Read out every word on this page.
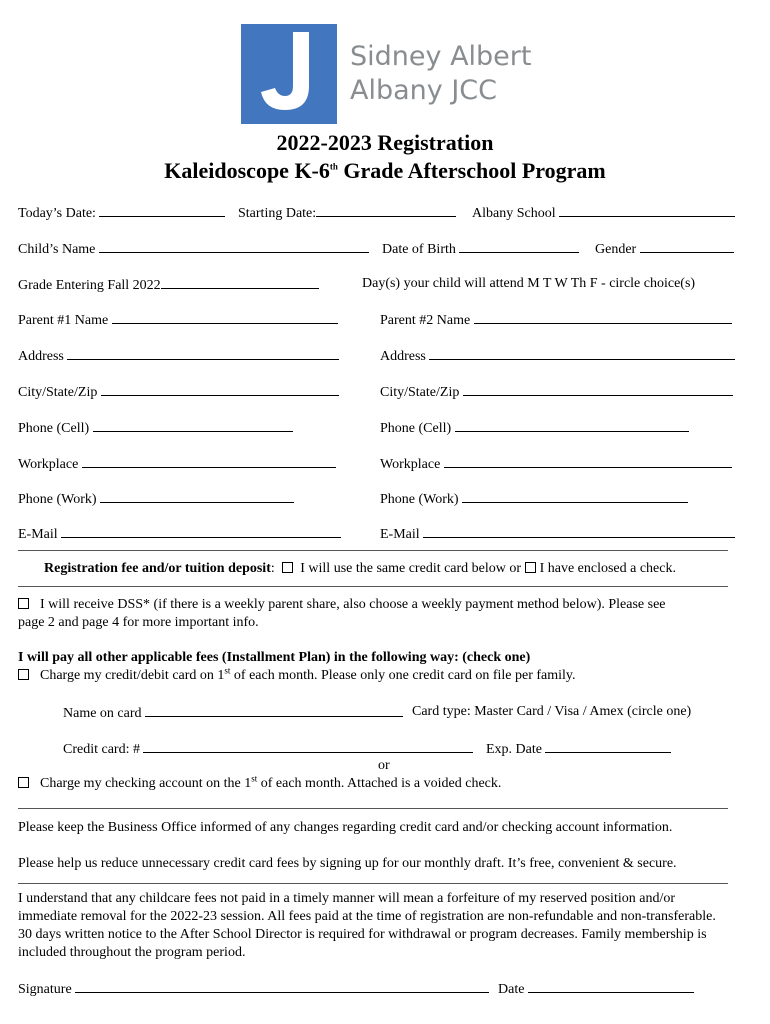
Sidney Albert
Albany JCC
2022-2023 Registration
Kaleidoscope K-6th Grade Afterschool Program
Today’s Date:	Starting Date:	Albany School
Child’s Name	Date of Birth	Gender
Grade Entering Fall 2022	Day(s) your child will attend M T W Th F - circle choice(s)
Parent #1 Name	Parent #2 Name
Address	Address
City/State/Zip	City/State/Zip
Phone (Cell)	Phone (Cell)
Workplace	Workplace
Phone (Work)	Phone (Work)
E-Mail	E-Mail
Registration fee and/or tuition deposit: I will use the same credit card below or I have enclosed a check.
I will receive DSS* (if there is a weekly parent share, also choose a weekly payment method below). Please see
page 2 and page 4 for more important info.
I will pay all other applicable fees (Installment Plan) in the following way: (check one)
Charge my credit/debit card on 1st of each month. Please only one credit card on file per family.
Name on card	Card type: Master Card / Visa / Amex (circle one)
Credit card: #	Exp. Date
or
Charge my checking account on the 1st of each month. Attached is a voided check.
Please keep the Business Office informed of any changes regarding credit card and/or checking account information.
Please help us reduce unnecessary credit card fees by signing up for our monthly draft. It’s free, convenient & secure.
I understand that any childcare fees not paid in a timely manner will mean a forfeiture of my reserved position and/or immediate removal for the 2022-23 session. All fees paid at the time of registration are non-refundable and non-transferable. 30 days written notice to the After School Director is required for withdrawal or program decreases. Family membership is included throughout the program period.
Signature	Date
